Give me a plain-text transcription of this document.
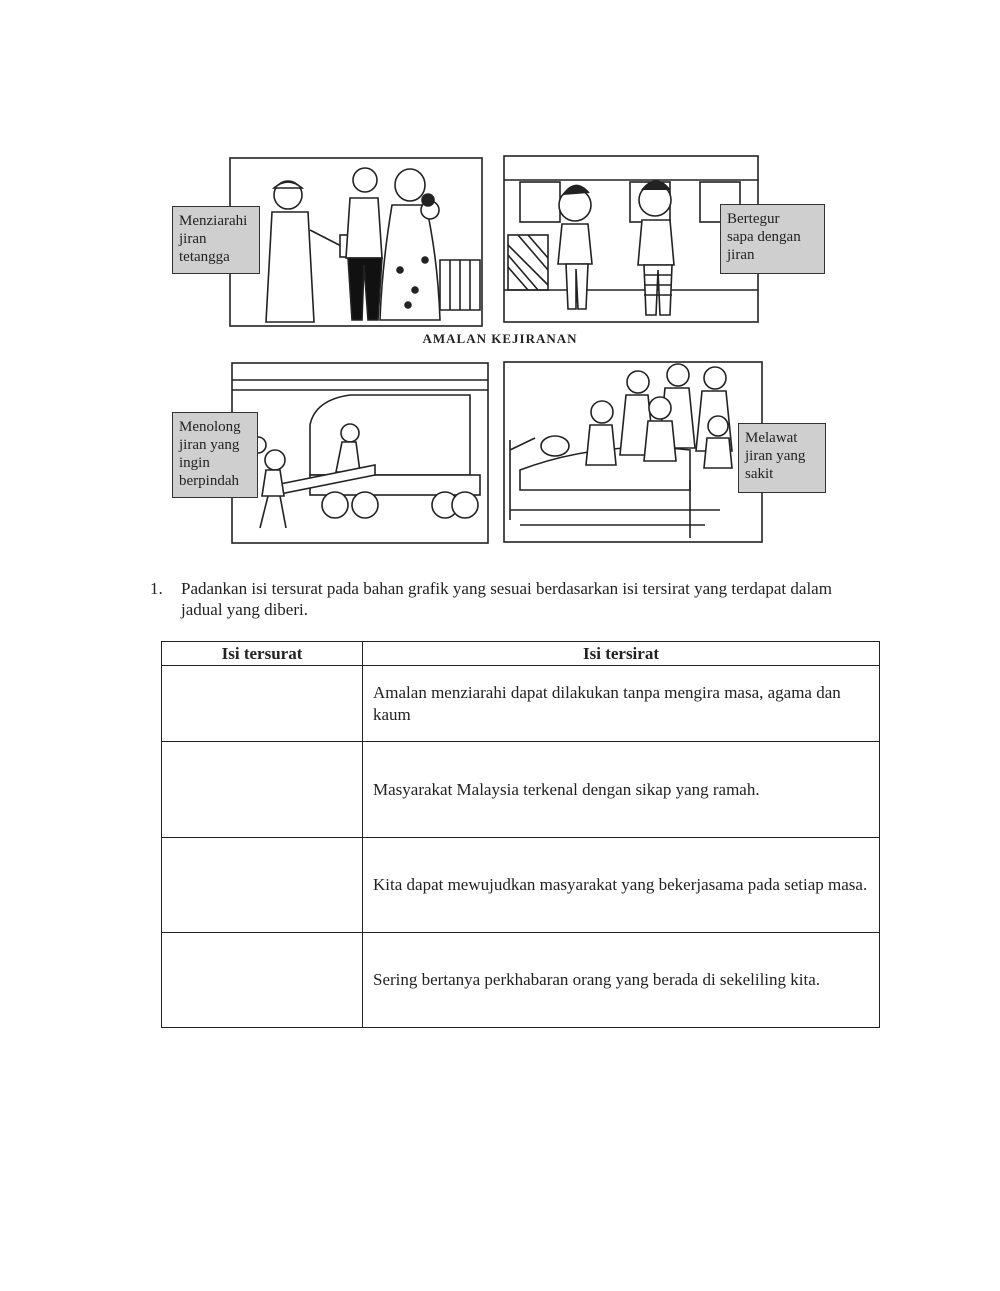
AMALAN KEJIRANAN
Menziarahi
jiran
tetangga
Bertegur
sapa dengan
jiran
Menolong
jiran yang
ingin
berpindah
Melawat
jiran yang
sakit
1. Padankan isi tersurat pada bahan grafik yang sesuai berdasarkan isi tersirat yang terdapat dalam jadual yang diberi.
Isi tersurat	Isi tersirat
	Amalan menziarahi dapat dilakukan tanpa mengira masa, agama dan kaum
	Masyarakat Malaysia terkenal dengan sikap yang ramah.
	Kita dapat mewujudkan masyarakat yang bekerjasama pada setiap masa.
	Sering bertanya perkhabaran orang yang berada di sekeliling kita.
